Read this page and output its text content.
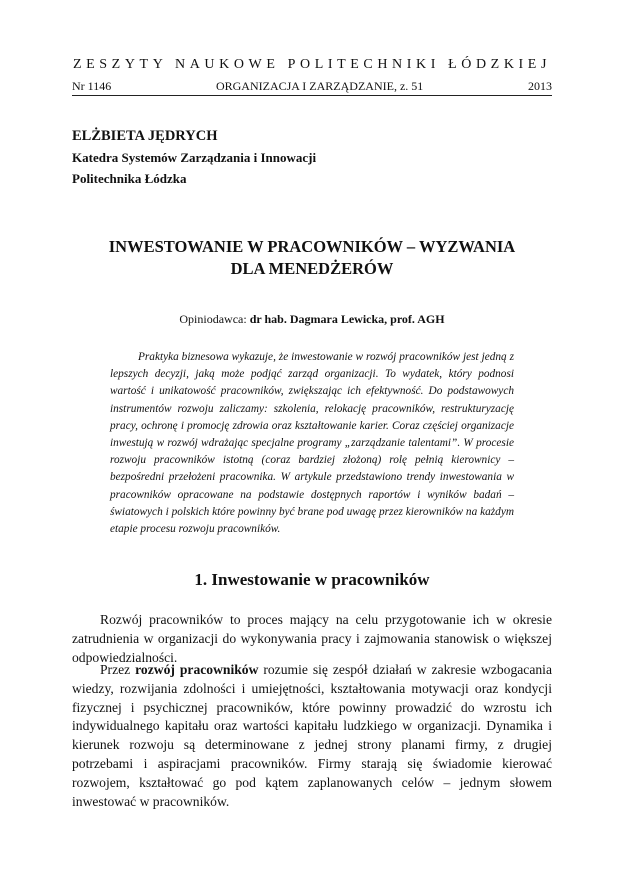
ZESZYTY NAUKOWE POLITECHNIKI ŁÓDZKIEJ
Nr 1146	ORGANIZACJA I ZARZĄDZANIE, z. 51	2013
ELŻBIETA JĘDRYCH
Katedra Systemów Zarządzania i Innowacji
Politechnika Łódzka
INWESTOWANIE W PRACOWNIKÓW – WYZWANIA
DLA MENEDŻERÓW
Opiniodawca: dr hab. Dagmara Lewicka, prof. AGH

Praktyka biznesowa wykazuje, że inwestowanie w rozwój pracowników jest jedną z lepszych decyzji, jaką może podjąć zarząd organizacji. To wydatek, który podnosi wartość i unikatowość pracowników, zwiększając ich efektywność. Do podstawowych instrumentów rozwoju zaliczamy: szkolenia, relokację pracowników, restrukturyzację pracy, ochronę i promocję zdrowia oraz kształtowanie karier. Coraz częściej organizacje inwestują w rozwój wdrażając specjalne programy „zarządzanie talentami”. W procesie rozwoju pracowników istotną (coraz bardziej złożoną) rolę pełnią kierownicy – bezpośredni przełożeni pracownika. W artykule przedstawiono trendy inwestowania w pracowników opracowane na podstawie dostępnych raportów i wyników badań – światowych i polskich które powinny być brane pod uwagę przez kierowników na każdym etapie procesu rozwoju pracowników.

1. Inwestowanie w pracowników

Rozwój pracowników to proces mający na celu przygotowanie ich w okresie zatrudnienia w organizacji do wykonywania pracy i zajmowania stanowisk o większej odpowiedzialności.

Przez rozwój pracowników rozumie się zespół działań w zakresie wzbogacania wiedzy, rozwijania zdolności i umiejętności, kształtowania motywacji oraz kondycji fizycznej i psychicznej pracowników, które powinny prowadzić do wzrostu ich indywidualnego kapitału oraz wartości kapitału ludzkiego w organizacji. Dynamika i kierunek rozwoju są determinowane z jednej strony planami firmy, z drugiej potrzebami i aspiracjami pracowników. Firmy starają się świadomie kierować rozwojem, kształtować go pod kątem zaplanowanych celów – jednym słowem inwestować w pracowników.
